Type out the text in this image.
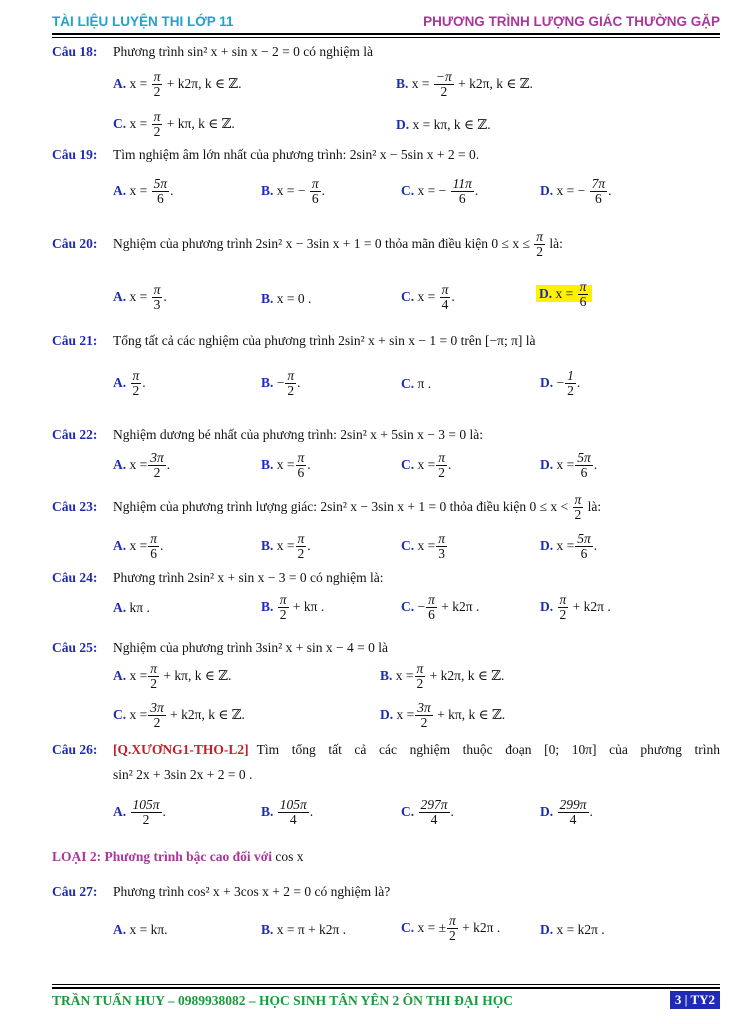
TÀI LIỆU LUYỆN THI LỚP 11	PHƯƠNG TRÌNH LƯỢNG GIÁC THƯỜNG GẶP
Câu 18: Phương trình sin² x + sin x − 2 = 0 có nghiệm là
A. $x = \frac{\pi}{2} + k2\pi$, k ∈ ℤ.	B. $x = \frac{-\pi}{2} + k2\pi$, k ∈ ℤ.
C. $x = \frac{\pi}{2} + k\pi$, k ∈ ℤ.	D. x = kπ, k ∈ ℤ.
Câu 19: Tìm nghiệm âm lớn nhất của phương trình: 2sin² x − 5sin x + 2 = 0.
A. $x = \frac{5\pi}{6}$ .	B. x = − $\frac{\pi}{6}$ .	C. x = − $\frac{11\pi}{6}$ .	D. x = − $\frac{7\pi}{6}$ .
Câu 20: Nghiệm của phương trình 2sin² x − 3sin x + 1 = 0 thỏa mãn điều kiện $0 \le x \le \frac{\pi}{2}$ là:
A. $x = \frac{\pi}{3}$ .	B. x = 0 .	C. $x = \frac{\pi}{4}$ .	D. $x = \frac{\pi}{6}$
Câu 21: Tổng tất cả các nghiệm của phương trình 2sin² x + sin x − 1 = 0 trên [−π; π] là
A. $\frac{\pi}{2}$ .	B. − $\frac{\pi}{2}$ .	C. π .	D. − $\frac{1}{2}$ .
Câu 22: Nghiệm dương bé nhất của phương trình: 2sin² x + 5sin x − 3 = 0 là:
A. $x = \frac{3\pi}{2}$ .	B. $x = \frac{\pi}{6}$ .	C. $x = \frac{\pi}{2}$ .	D. $x = \frac{5\pi}{6}$ .
Câu 23: Nghiệm của phương trình lượng giác: 2sin² x − 3sin x + 1 = 0 thỏa điều kiện $0 \le x < \frac{\pi}{2}$ là:
A. $x = \frac{\pi}{6}$ .	B. $x = \frac{\pi}{2}$ .	C. $x = \frac{\pi}{3}$	D. $x = \frac{5\pi}{6}$ .
Câu 24: Phương trình 2sin² x + sin x − 3 = 0 có nghiệm là:
A. kπ .	B. $\frac{\pi}{2} + k\pi$ .	C. − $\frac{\pi}{6} + k2\pi$ .	D. $\frac{\pi}{2} + k2\pi$ .
Câu 25: Nghiệm của phương trình 3sin² x + sin x − 4 = 0 là
A. $x = \frac{\pi}{2} + k\pi$, k ∈ ℤ.	B. $x = \frac{\pi}{2} + k2\pi$, k ∈ ℤ.
C. $x = \frac{3\pi}{2} + k2\pi$, k ∈ ℤ.	D. $x = \frac{3\pi}{2} + k\pi$, k ∈ ℤ.
Câu 26:	[Q.XƯƠNG1-THO-L2] Tìm tổng tất cả các nghiệm thuộc đoạn [0; 10π] của phương trình
sin² 2x + 3sin 2x + 2 = 0 .
A. $\frac{105\pi}{2}$ .	B. $\frac{105\pi}{4}$ .	C. $\frac{297\pi}{4}$ .	D. $\frac{299\pi}{4}$ .
LOẠI 2: Phương trình bậc cao đối với cos x
Câu 27: Phương trình cos² x + 3cos x + 2 = 0 có nghiệm là?
A. x = kπ.	B. x = π + k2π .	C. x = ± $\frac{\pi}{2} + k2\pi$ .	D. x = k2π .
TRẦN TUẤN HUY – 0989938082 – HỌC SINH TÂN YÊN 2 ÔN THI ĐẠI HỌC	3 | TY2
